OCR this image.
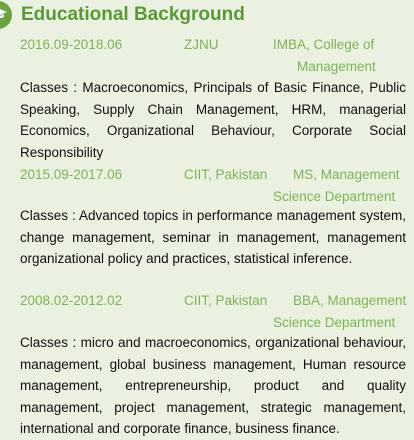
Educational Background
2016.09-2018.06	ZJNU	IMBA, College of
Management
Classes : Macroeconomics, Principals of Basic Finance, Public Speaking, Supply Chain Management, HRM, managerial Economics, Organizational Behaviour, Corporate Social Responsibility
2015.09-2017.06	CIIT, Pakistan	MS, Management
Science Department
Classes : Advanced topics in performance management system, change management, seminar in management, management organizational policy and practices, statistical inference.
2008.02-2012.02	CIIT, Pakistan	BBA, Management
Science Department
Classes : micro and macroeconomics, organizational behaviour, management, global business management, Human resource management, entrepreneurship, product and quality management, project management, strategic management, international and corporate finance, business finance.
